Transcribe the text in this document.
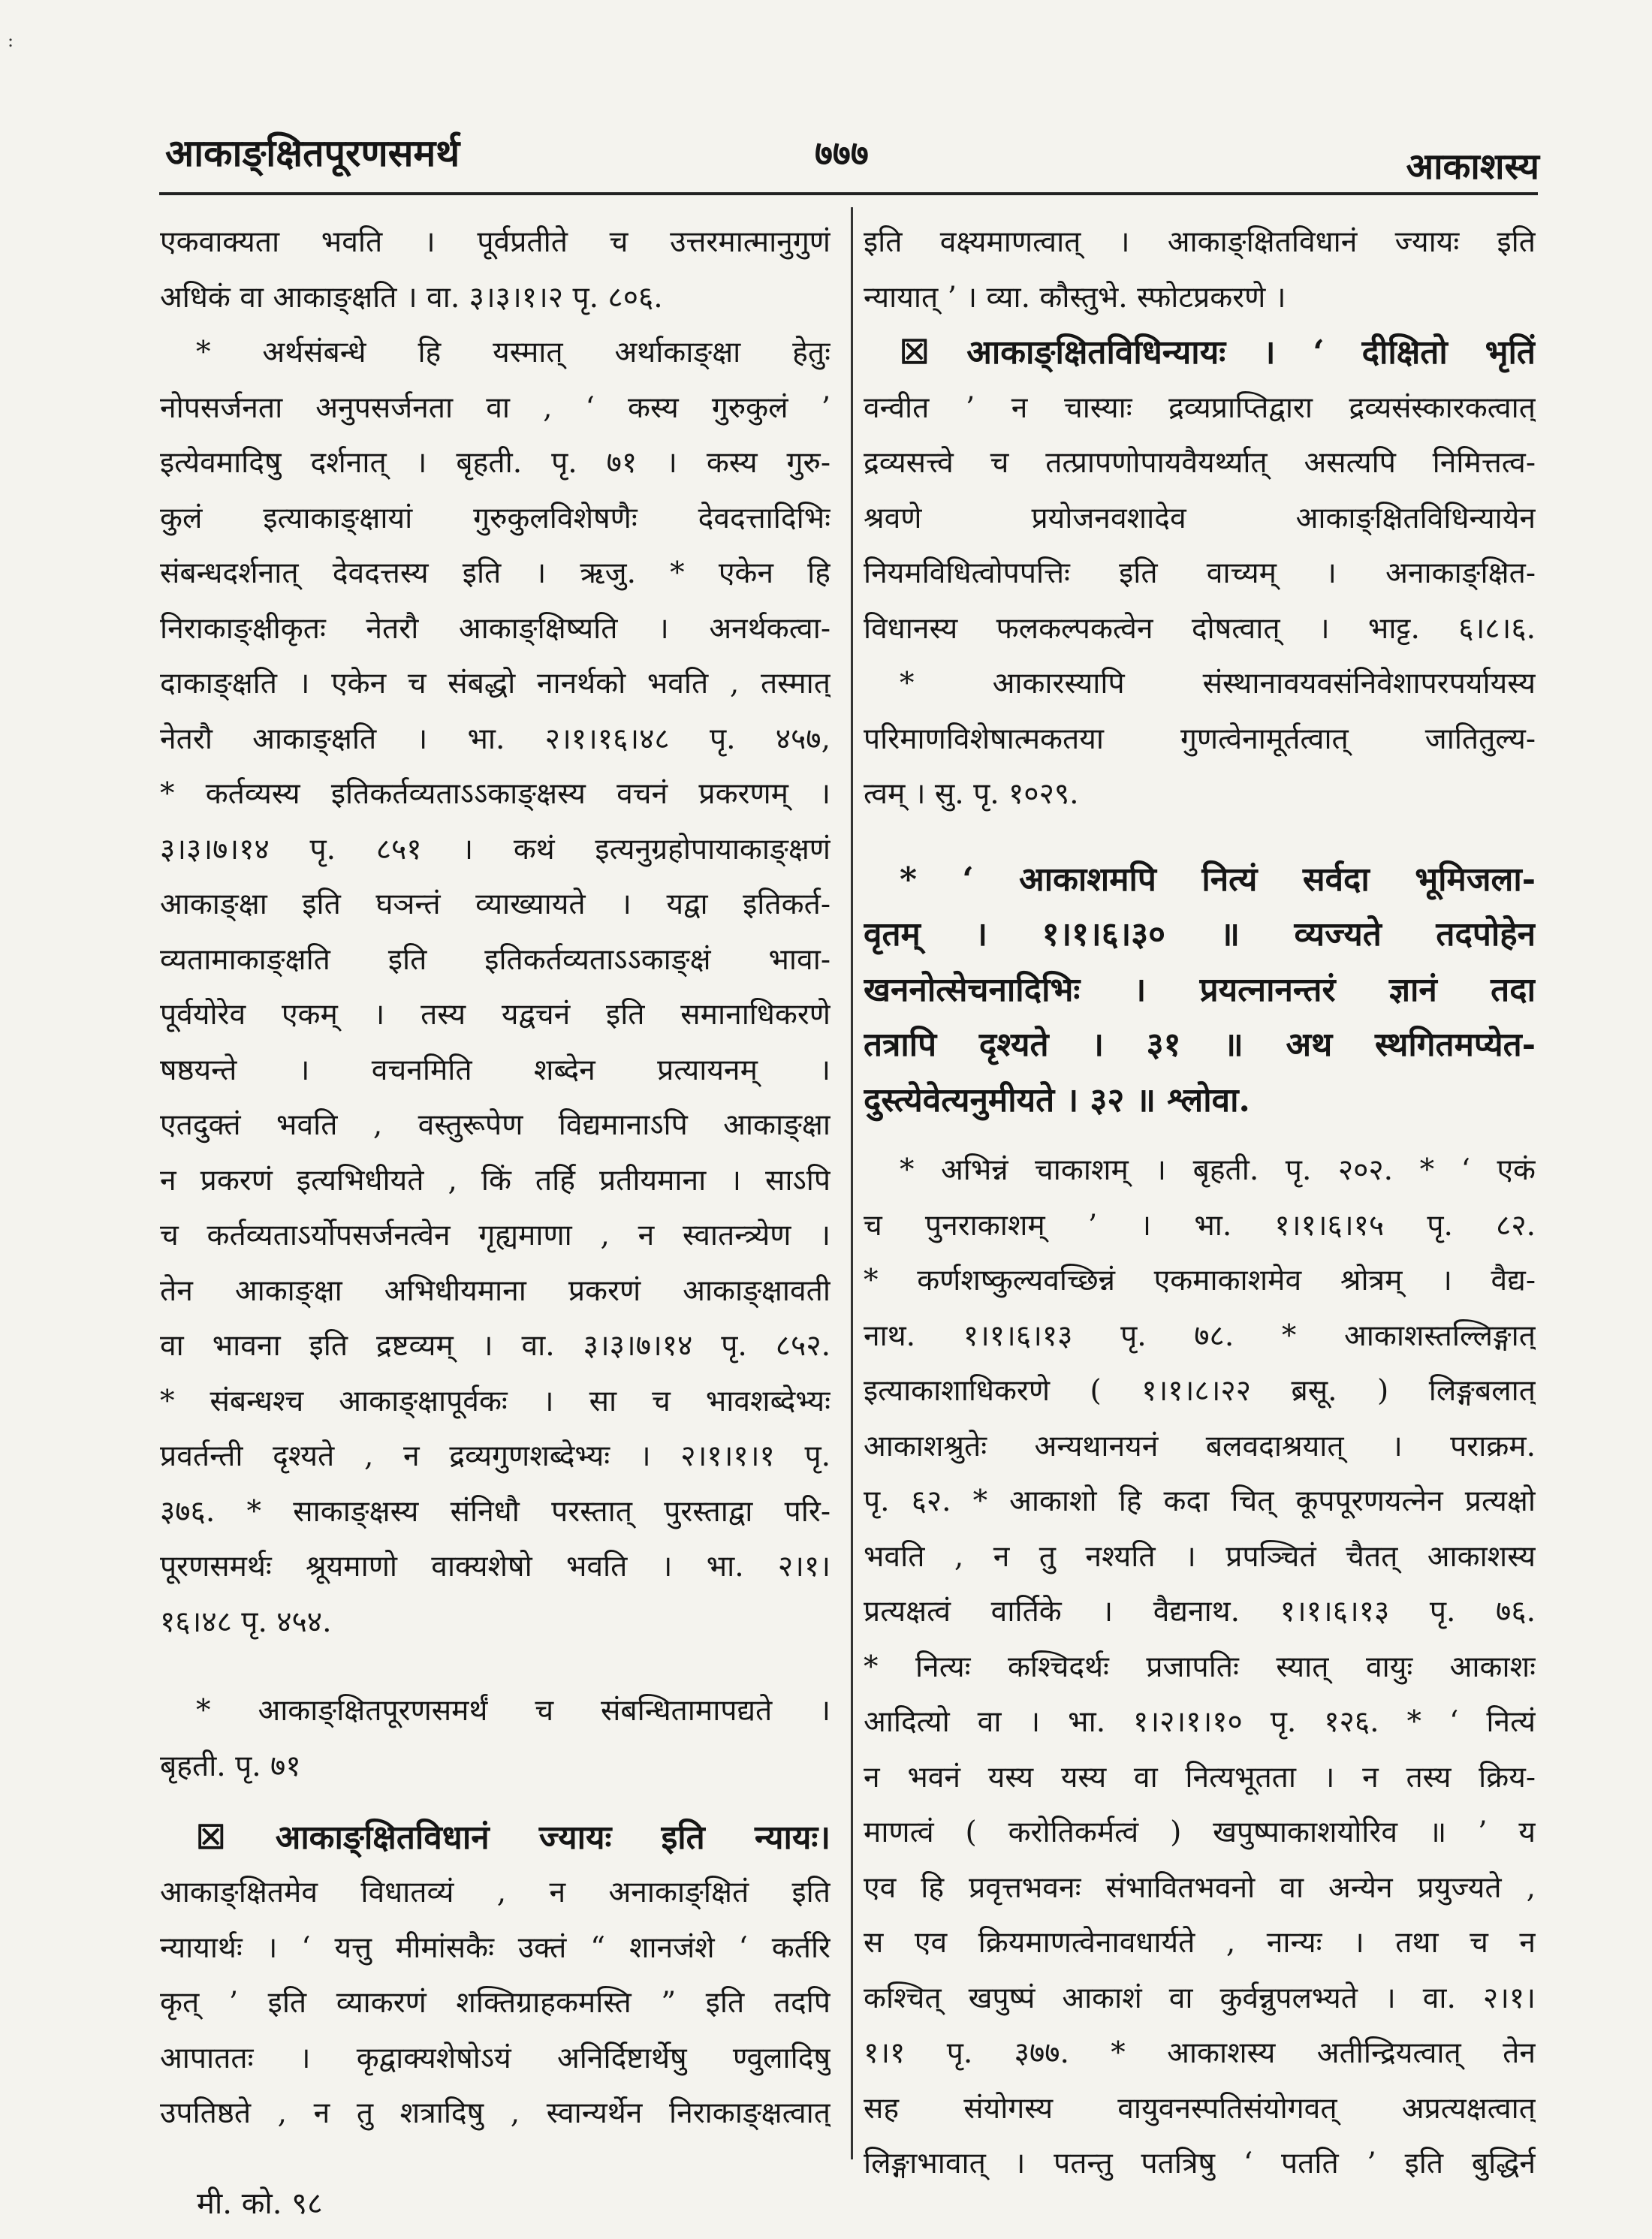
:
आकाङ्क्षितपूरणसमर्थ	७७७	आकाशस्य
एकवाक्यता भवति । पूर्वप्रतीते च उत्तरमात्मानुगुणं
अधिकं वा आकाङ्क्षति । वा. ३।३।१।२ पृ. ८०६.
* अर्थसंबन्धे हि यस्मात् अर्थाकाङ्क्षा हेतुः
नोपसर्जनता अनुपसर्जनता वा , ‘ कस्य गुरुकुलं ’
इत्येवमादिषु दर्शनात् । बृहती. पृ. ७१ । कस्य गुरु-
कुलं इत्याकाङ्क्षायां गुरुकुलविशेषणैः देवदत्तादिभिः
संबन्धदर्शनात् देवदत्तस्य इति । ऋजु. * एकेन हि
निराकाङ्क्षीकृतः नेतरौ आकाङ्क्षिष्यति । अनर्थकत्वा-
दाकाङ्क्षति । एकेन च संबद्धो नानर्थको भवति , तस्मात्
नेतरौ आकाङ्क्षति । भा. २।१।१६।४८ पृ. ४५७,
* कर्तव्यस्य इतिकर्तव्यताऽऽकाङ्क्षस्य वचनं प्रकरणम् ।
३।३।७।१४ पृ. ८५१ । कथं इत्यनुग्रहोपायाकाङ्क्षणं
आकाङ्क्षा इति घञन्तं व्याख्यायते । यद्वा इतिकर्त-
व्यतामाकाङ्क्षति इति इतिकर्तव्यताऽऽकाङ्क्षं भावा-
पूर्वयोरेव एकम् । तस्य यद्वचनं इति समानाधिकरणे
षष्ठयन्ते । वचनमिति शब्देन प्रत्यायनम् ।
एतदुक्तं भवति , वस्तुरूपेण विद्यमानाऽपि आकाङ्क्षा
न प्रकरणं इत्यभिधीयते , किं तर्हि प्रतीयमाना । साऽपि
च कर्तव्यताऽर्योपसर्जनत्वेन गृह्यमाणा , न स्वातन्त्र्येण ।
तेन आकाङ्क्षा अभिधीयमाना प्रकरणं आकाङ्क्षावती
वा भावना इति द्रष्टव्यम् । वा. ३।३।७।१४ पृ. ८५२.
* संबन्धश्च आकाङ्क्षापूर्वकः । सा च भावशब्देभ्यः
प्रवर्तन्ती दृश्यते , न द्रव्यगुणशब्देभ्यः । २।१।१।१ पृ.
३७६. * साकाङ्क्षस्य संनिधौ परस्तात् पुरस्ताद्वा परि-
पूरणसमर्थः श्रूयमाणो वाक्यशेषो भवति । भा. २।१।
१६।४८ पृ. ४५४.
* आकाङ्क्षितपूरणसमर्थं च संबन्धितामापद्यते ।
बृहती. पृ. ७१
☒ आकाङ्क्षितविधानं ज्यायः इति न्यायः।
आकाङ्क्षितमेव विधातव्यं , न अनाकाङ्क्षितं इति
न्यायार्थः । ‘ यत्तु मीमांसकैः उक्तं “ शानजंशे ‘ कर्तरि
कृत् ’ इति व्याकरणं शक्तिग्राहकमस्ति ” इति तदपि
आपाततः । कृद्वाक्यशेषोऽयं अनिर्दिष्टार्थेषु ण्वुलादिषु
उपतिष्ठते , न तु शत्रादिषु , स्वान्यर्थेन निराकाङ्क्षत्वात्
इति वक्ष्यमाणत्वात् । आकाङ्क्षितविधानं ज्यायः इति
न्यायात् ’ । व्या. कौस्तुभे. स्फोटप्रकरणे ।
☒ आकाङ्क्षितविधिन्यायः । ‘ दीक्षितो भृतिं
वन्वीत ’ न चास्याः द्रव्यप्राप्तिद्वारा द्रव्यसंस्कारकत्वात्
द्रव्यसत्त्वे च तत्प्रापणोपायवैयर्थ्यात् असत्यपि निमित्तत्व-
श्रवणे प्रयोजनवशादेव आकाङ्क्षितविधिन्यायेन
नियमविधित्वोपपत्तिः इति वाच्यम् । अनाकाङ्क्षित-
विधानस्य फलकल्पकत्वेन दोषत्वात् । भाट्ट. ६।८।६.
* आकारस्यापि संस्थानावयवसंनिवेशापरपर्यायस्य
परिमाणविशेषात्मकतया गुणत्वेनामूर्तत्वात् जातितुल्य-
त्वम् । सु. पृ. १०२९.
* ‘ आकाशमपि नित्यं सर्वदा भूमिजला-
वृतम् । १।१।६।३० ॥ व्यज्यते तदपोहेन
खननोत्सेचनादिभिः । प्रयत्नानन्तरं ज्ञानं तदा
तत्रापि दृश्यते । ३१ ॥ अथ स्थगितमप्येत-
दुस्त्येवेत्यनुमीयते । ३२ ॥ श्लोवा.
* अभिन्नं चाकाशम् । बृहती. पृ. २०२. * ‘ एकं
च पुनराकाशम् ’ । भा. १।१।६।१५ पृ. ८२.
* कर्णशष्कुल्यवच्छिन्नं एकमाकाशमेव श्रोत्रम् । वैद्य-
नाथ. १।१।६।१३ पृ. ७८. * आकाशस्तल्लिङ्गात्
इत्याकाशाधिकरणे ( १।१।८।२२ ब्रसू. ) लिङ्गबलात्
आकाशश्रुतेः अन्यथानयनं बलवदाश्रयात् । पराक्रम.
पृ. ६२. * आकाशो हि कदा चित् कूपपूरणयत्नेन प्रत्यक्षो
भवति , न तु नश्यति । प्रपञ्चितं चैतत् आकाशस्य
प्रत्यक्षत्वं वार्तिके । वैद्यनाथ. १।१।६।१३ पृ. ७६.
* नित्यः कश्चिदर्थः प्रजापतिः स्यात् वायुः आकाशः
आदित्यो वा । भा. १।२।१।१० पृ. १२६. * ‘ नित्यं
न भवनं यस्य यस्य वा नित्यभूतता । न तस्य क्रिय-
माणत्वं ( करोतिकर्मत्वं ) खपुष्पाकाशयोरिव ॥ ’ य
एव हि प्रवृत्तभवनः संभावितभवनो वा अन्येन प्रयुज्यते ,
स एव क्रियमाणत्वेनावधार्यते , नान्यः । तथा च न
कश्चित् खपुष्पं आकाशं वा कुर्वन्नुपलभ्यते । वा. २।१।
१।१ पृ. ३७७. * आकाशस्य अतीन्द्रियत्वात् तेन
सह संयोगस्य वायुवनस्पतिसंयोगवत् अप्रत्यक्षत्वात्
लिङ्गाभावात् । पतन्तु पतत्रिषु ‘ पतति ’ इति बुद्धिर्न
मी. को. ९८
